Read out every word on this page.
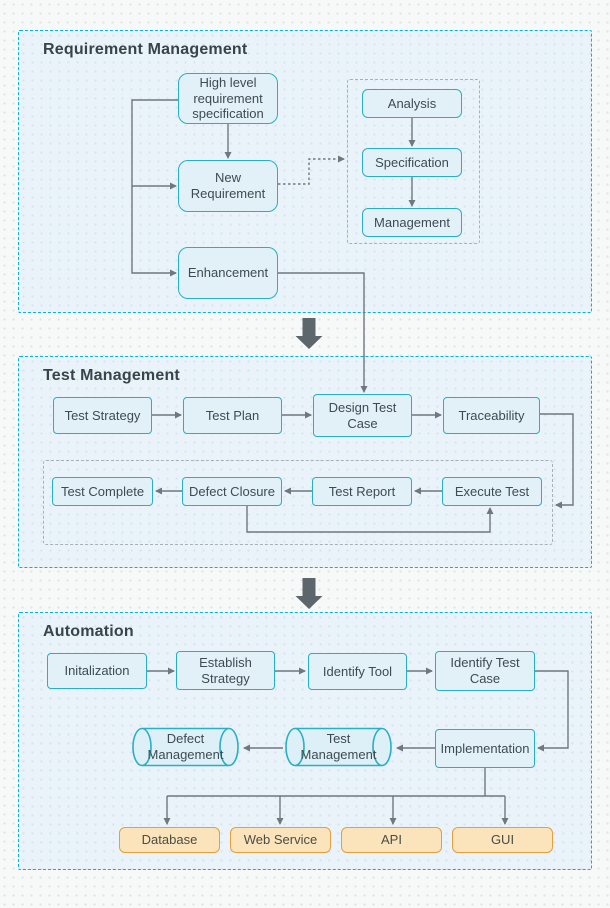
Requirement Management
Test Management
Automation
High level requirement specification
New Requirement
Enhancement
Analysis
Specification
Management
Test Strategy	Test Plan
Design Test Case
Traceability
Test Complete	Defect Closure	Test Report	Execute Test
Initalization
Establish Strategy	Identify Tool
Identify Test Case
Defect Management
Test Management	Implementation
Database	Web Service	API	GUI
